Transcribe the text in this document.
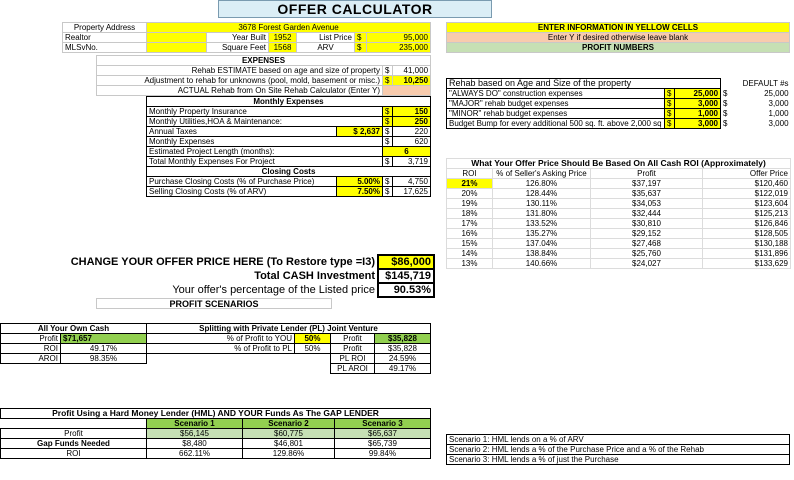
OFFER CALCULATOR
Property Address	3678 Forest Garden Avenue					
Realtor		Year Built	1952	List Price	$	95,000
MLSvNo.		Square Feet	1568	ARV	$	235,000
EXPENSES		
Rehab ESTIMATE based on age and size of property	$	41,000
Adjustment to rehab for unknowns (pool, mold, basement or misc.)	$	10,250
ACTUAL Rehab from On Site Rehab Calculator (Enter Y)		
Monthly Expenses			
Monthly Property Insurance		$	150
Monthly Utilities,HOA & Maintenance:		$	250
Annual Taxes	$ 2,637	$	220
Monthly Expenses		$	620
Estimated Project Length (months):		6	
Total Monthly Expenses For Project		$	3,719
Closing Costs			
Purchase Closing Costs (% of Purchase Price)	5.00%	$	4,750
Selling Closing Costs (% of ARV)	7.50%	$	17,625
CHANGE YOUR OFFER PRICE HERE (To Restore type =I3)	$86,000
Total CASH Investment	$145,719
Your offer's percentage of the Listed price	90.53%
PROFIT SCENARIOS
ENTER INFORMATION IN YELLOW CELLS
Enter Y if desired otherwise leave blank
PROFIT NUMBERS
Rehab based on Age and Size of the property			DEFAULT #s	
"ALWAYS DO" construction expenses	$	25,000	$	25,000
"MAJOR" rehab budget expenses	$	3,000	$	3,000
"MINOR" rehab budget expenses	$	1,000	$	1,000
Budget Bump for every additional 500 sq. ft. above 2,000 sq	$	3,000	$	3,000
What Your Offer Price Should Be Based On All Cash ROI (Approximately)			
ROI	% of Seller's Asking Price	Profit	Offer Price
21%	126.80%	$37,197	$120,460
20%	128.44%	$35,637	$122,019
19%	130.11%	$34,053	$123,604
18%	131.80%	$32,444	$125,213
17%	133.52%	$30,810	$126,846
16%	135.27%	$29,152	$128,505
15%	137.04%	$27,468	$130,188
14%	138.84%	$25,760	$131,896
13%	140.66%	$24,027	$133,629
All Your Own Cash	
Profit	$71,657
ROI	49.17%
AROI	98.35%
Splitting with Private Lender (PL) Joint Venture			
% of Profit to YOU	50%	Profit	$35,828
% of Profit to PL	50%	Profit	$35,828
		PL ROI	24.59%
		PL AROI	49.17%
Profit Using a Hard Money Lender (HML) AND YOUR Funds As The GAP LENDER			
	Scenario 1	Scenario 2	Scenario 3
Profit	$56,145	$60,775	$65,637
Gap Funds Needed	$8,480	$46,801	$65,739
ROI	662.11%	129.86%	99.84%
Scenario 1: HML lends on a % of ARV
Scenario 2: HML lends a % of the Purchase Price and a % of the Rehab
Scenario 3: HML lends a % of just the Purchase
